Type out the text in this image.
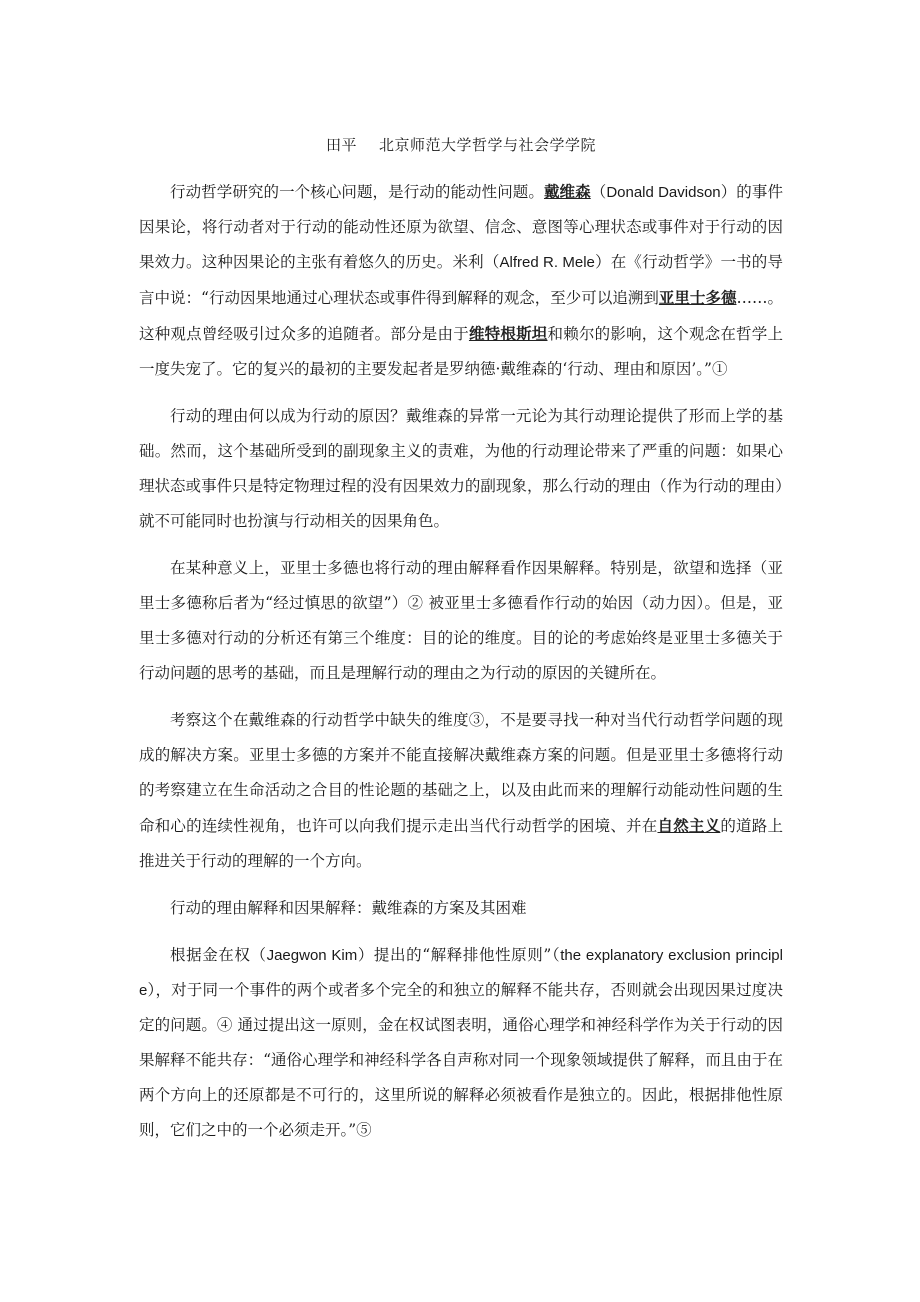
田平 北京师范大学哲学与社会学学院

行动哲学研究的一个核心问题，是行动的能动性问题。戴维森（Donald Davidson）的事件因果论，将行动者对于行动的能动性还原为欲望、信念、意图等心理状态或事件对于行动的因果效力。这种因果论的主张有着悠久的历史。米利（Alfred R. Mele）在《行动哲学》一书的导言中说：“行动因果地通过心理状态或事件得到解释的观念，至少可以追溯到亚里士多德……。这种观点曾经吸引过众多的追随者。部分是由于维特根斯坦和赖尔的影响，这个观念在哲学上一度失宠了。它的复兴的最初的主要发起者是罗纳德·戴维森的‘行动、理由和原因’。”①

行动的理由何以成为行动的原因？戴维森的异常一元论为其行动理论提供了形而上学的基础。然而，这个基础所受到的副现象主义的责难，为他的行动理论带来了严重的问题：如果心理状态或事件只是特定物理过程的没有因果效力的副现象，那么行动的理由（作为行动的理由）就不可能同时也扮演与行动相关的因果角色。

在某种意义上，亚里士多德也将行动的理由解释看作因果解释。特别是，欲望和选择（亚里士多德称后者为“经过慎思的欲望”）② 被亚里士多德看作行动的始因（动力因）。但是，亚里士多德对行动的分析还有第三个维度：目的论的维度。目的论的考虑始终是亚里士多德关于行动问题的思考的基础，而且是理解行动的理由之为行动的原因的关键所在。

考察这个在戴维森的行动哲学中缺失的维度③，不是要寻找一种对当代行动哲学问题的现成的解决方案。亚里士多德的方案并不能直接解决戴维森方案的问题。但是亚里士多德将行动的考察建立在生命活动之合目的性论题的基础之上，以及由此而来的理解行动能动性问题的生命和心的连续性视角，也许可以向我们提示走出当代行动哲学的困境、并在自然主义的道路上推进关于行动的理解的一个方向。

行动的理由解释和因果解释：戴维森的方案及其困难

根据金在权（Jaegwon Kim）提出的“解释排他性原则”（the explanatory exclusion principle），对于同一个事件的两个或者多个完全的和独立的解释不能共存，否则就会出现因果过度决定的问题。④ 通过提出这一原则，金在权试图表明，通俗心理学和神经科学作为关于行动的因果解释不能共存：“通俗心理学和神经科学各自声称对同一个现象领域提供了解释，而且由于在两个方向上的还原都是不可行的，这里所说的解释必须被看作是独立的。因此，根据排他性原则，它们之中的一个必须走开。”⑤
